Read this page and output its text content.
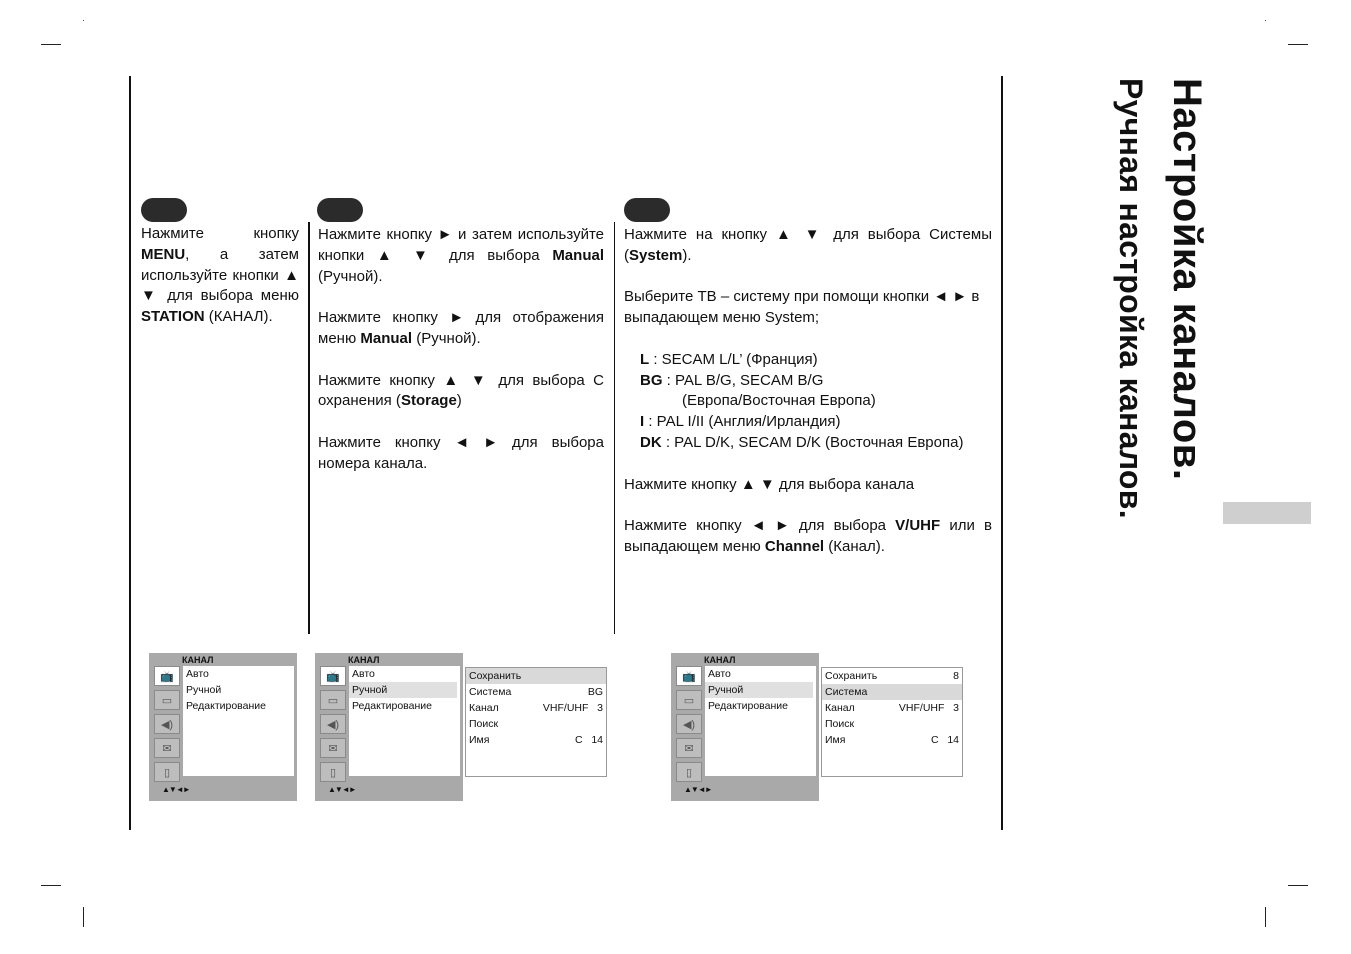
Нажмите кнопку MENU, а затем используйте кнопки ▲ ▼ для выбора меню STATION (КАНАЛ).

Нажмите кнопку ► и затем используйте кнопки ▲ ▼ для выбора Manual (Ручной).

Нажмите кнопку ► для отображения меню Manual (Ручной).

Нажмите кнопку ▲ ▼ для выбора С охранения (Storage)

Нажмите кнопку ◄ ► для выбора номера канала.

Нажмите на кнопку ▲ ▼ для выбора Системы (System).

Выберите ТВ – систему при помощи кнопки ◄ ► в выпадающем меню System;

L : SECAM L/L’ (Франция)

BG : PAL B/G, SECAM B/G

(Европа/Восточная Европа)

I : PAL I/II (Англия/Ирландия)

DK : PAL D/K, SECAM D/K (Восточная Европа)

Нажмите кнопку ▲ ▼ для выбора канала

Нажмите кнопку ◄ ► для выбора V/UHF или в выпадающем меню Channel (Канал).

Настройка каналов.
Ручная настройка каналов.
КАНАЛ
📺
▭
◀)
✉
▯
Авто
Ручной
Редактирование
▲▼◄►
КАНАЛ
📺
▭
◀)
✉
▯
Авто
Ручной
Редактирование
▲▼◄►
Сохранить
Система	BG
Канал	VHF/UHF   3
Поиск
Имя	C   14
КАНАЛ
📺
▭
◀)
✉
▯
Авто
Ручной
Редактирование
▲▼◄►
Сохранить	8
Система
Канал	VHF/UHF   3
Поиск
Имя	C   14
